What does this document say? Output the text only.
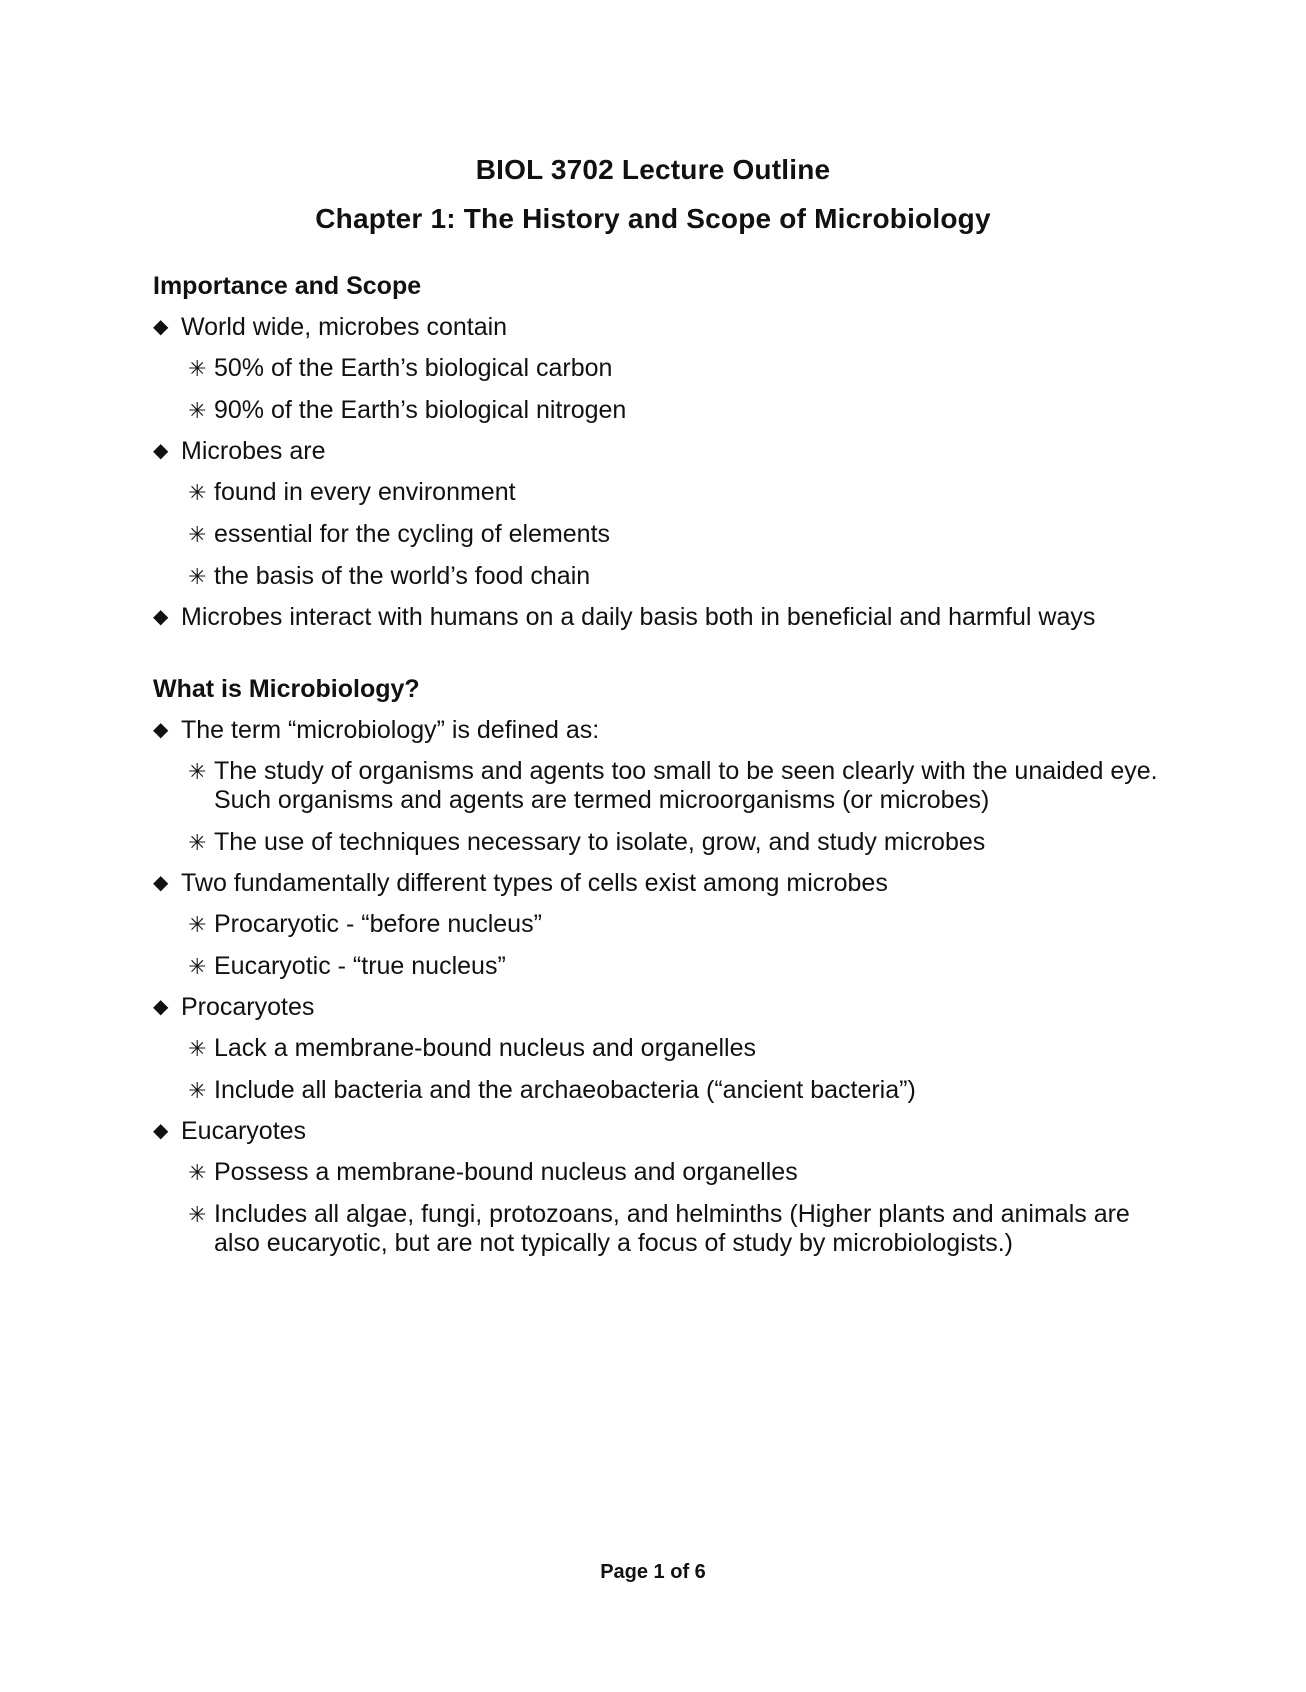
BIOL 3702 Lecture Outline
Chapter 1: The History and Scope of Microbiology
Importance and Scope
◆ World wide, microbes contain
✳ 50% of the Earth’s biological carbon
✳ 90% of the Earth’s biological nitrogen
◆ Microbes are
✳ found in every environment
✳ essential for the cycling of elements
✳ the basis of the world’s food chain
◆ Microbes interact with humans on a daily basis both in beneficial and harmful ways
What is Microbiology?
◆ The term “microbiology” is defined as:
✳ The study of organisms and agents too small to be seen clearly with the unaided eye. Such organisms and agents are termed microorganisms (or microbes)
✳ The use of techniques necessary to isolate, grow, and study microbes
◆ Two fundamentally different types of cells exist among microbes
✳ Procaryotic - “before nucleus”
✳ Eucaryotic - “true nucleus”
◆ Procaryotes
✳ Lack a membrane-bound nucleus and organelles
✳ Include all bacteria and the archaeobacteria (“ancient bacteria”)
◆ Eucaryotes
✳ Possess a membrane-bound nucleus and organelles
✳ Includes all algae, fungi, protozoans, and helminths (Higher plants and animals are also eucaryotic, but are not typically a focus of study by microbiologists.)
Page 1 of 6
